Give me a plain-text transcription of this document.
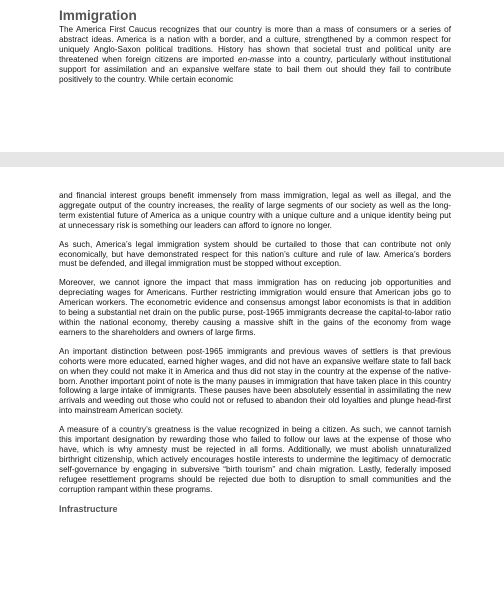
Immigration

The America First Caucus recognizes that our country is more than a mass of consumers or a series of abstract ideas. America is a nation with a border, and a culture, strengthened by a common respect for uniquely Anglo-Saxon political traditions. History has shown that societal trust and political unity are threatened when foreign citizens are imported en-masse into a country, particularly without institutional support for assimilation and an expansive welfare state to bail them out should they fail to contribute positively to the country. While certain economic

and financial interest groups benefit immensely from mass immigration, legal as well as illegal, and the aggregate output of the country increases, the reality of large segments of our society as well as the long-term existential future of America as a unique country with a unique culture and a unique identity being put at unnecessary risk is something our leaders can afford to ignore no longer.

As such, America’s legal immigration system should be curtailed to those that can contribute not only economically, but have demonstrated respect for this nation’s culture and rule of law. America’s borders must be defended, and illegal immigration must be stopped without exception.

Moreover, we cannot ignore the impact that mass immigration has on reducing job opportunities and depreciating wages for Americans. Further restricting immigration would ensure that American jobs go to American workers. The econometric evidence and consensus amongst labor economists is that in addition to being a substantial net drain on the public purse, post-1965 immigrants decrease the capital-to-labor ratio within the national economy, thereby causing a massive shift in the gains of the economy from wage earners to the shareholders and owners of large firms.

An important distinction between post-1965 immigrants and previous waves of settlers is that previous cohorts were more educated, earned higher wages, and did not have an expansive welfare state to fall back on when they could not make it in America and thus did not stay in the country at the expense of the native-born. Another important point of note is the many pauses in immigration that have taken place in this country following a large intake of immigrants. These pauses have been absolutely essential in assimilating the new arrivals and weeding out those who could not or refused to abandon their old loyalties and plunge head-first into mainstream American society.

A measure of a country’s greatness is the value recognized in being a citizen. As such, we cannot tarnish this important designation by rewarding those who failed to follow our laws at the expense of those who have, which is why amnesty must be rejected in all forms. Additionally, we must abolish unnaturalized birthright citizenship, which actively encourages hostile interests to undermine the legitimacy of democratic self-governance by engaging in subversive “birth tourism” and chain migration. Lastly, federally imposed refugee resettlement programs should be rejected due both to disruption to small communities and the corruption rampant within these programs.

Infrastructure
